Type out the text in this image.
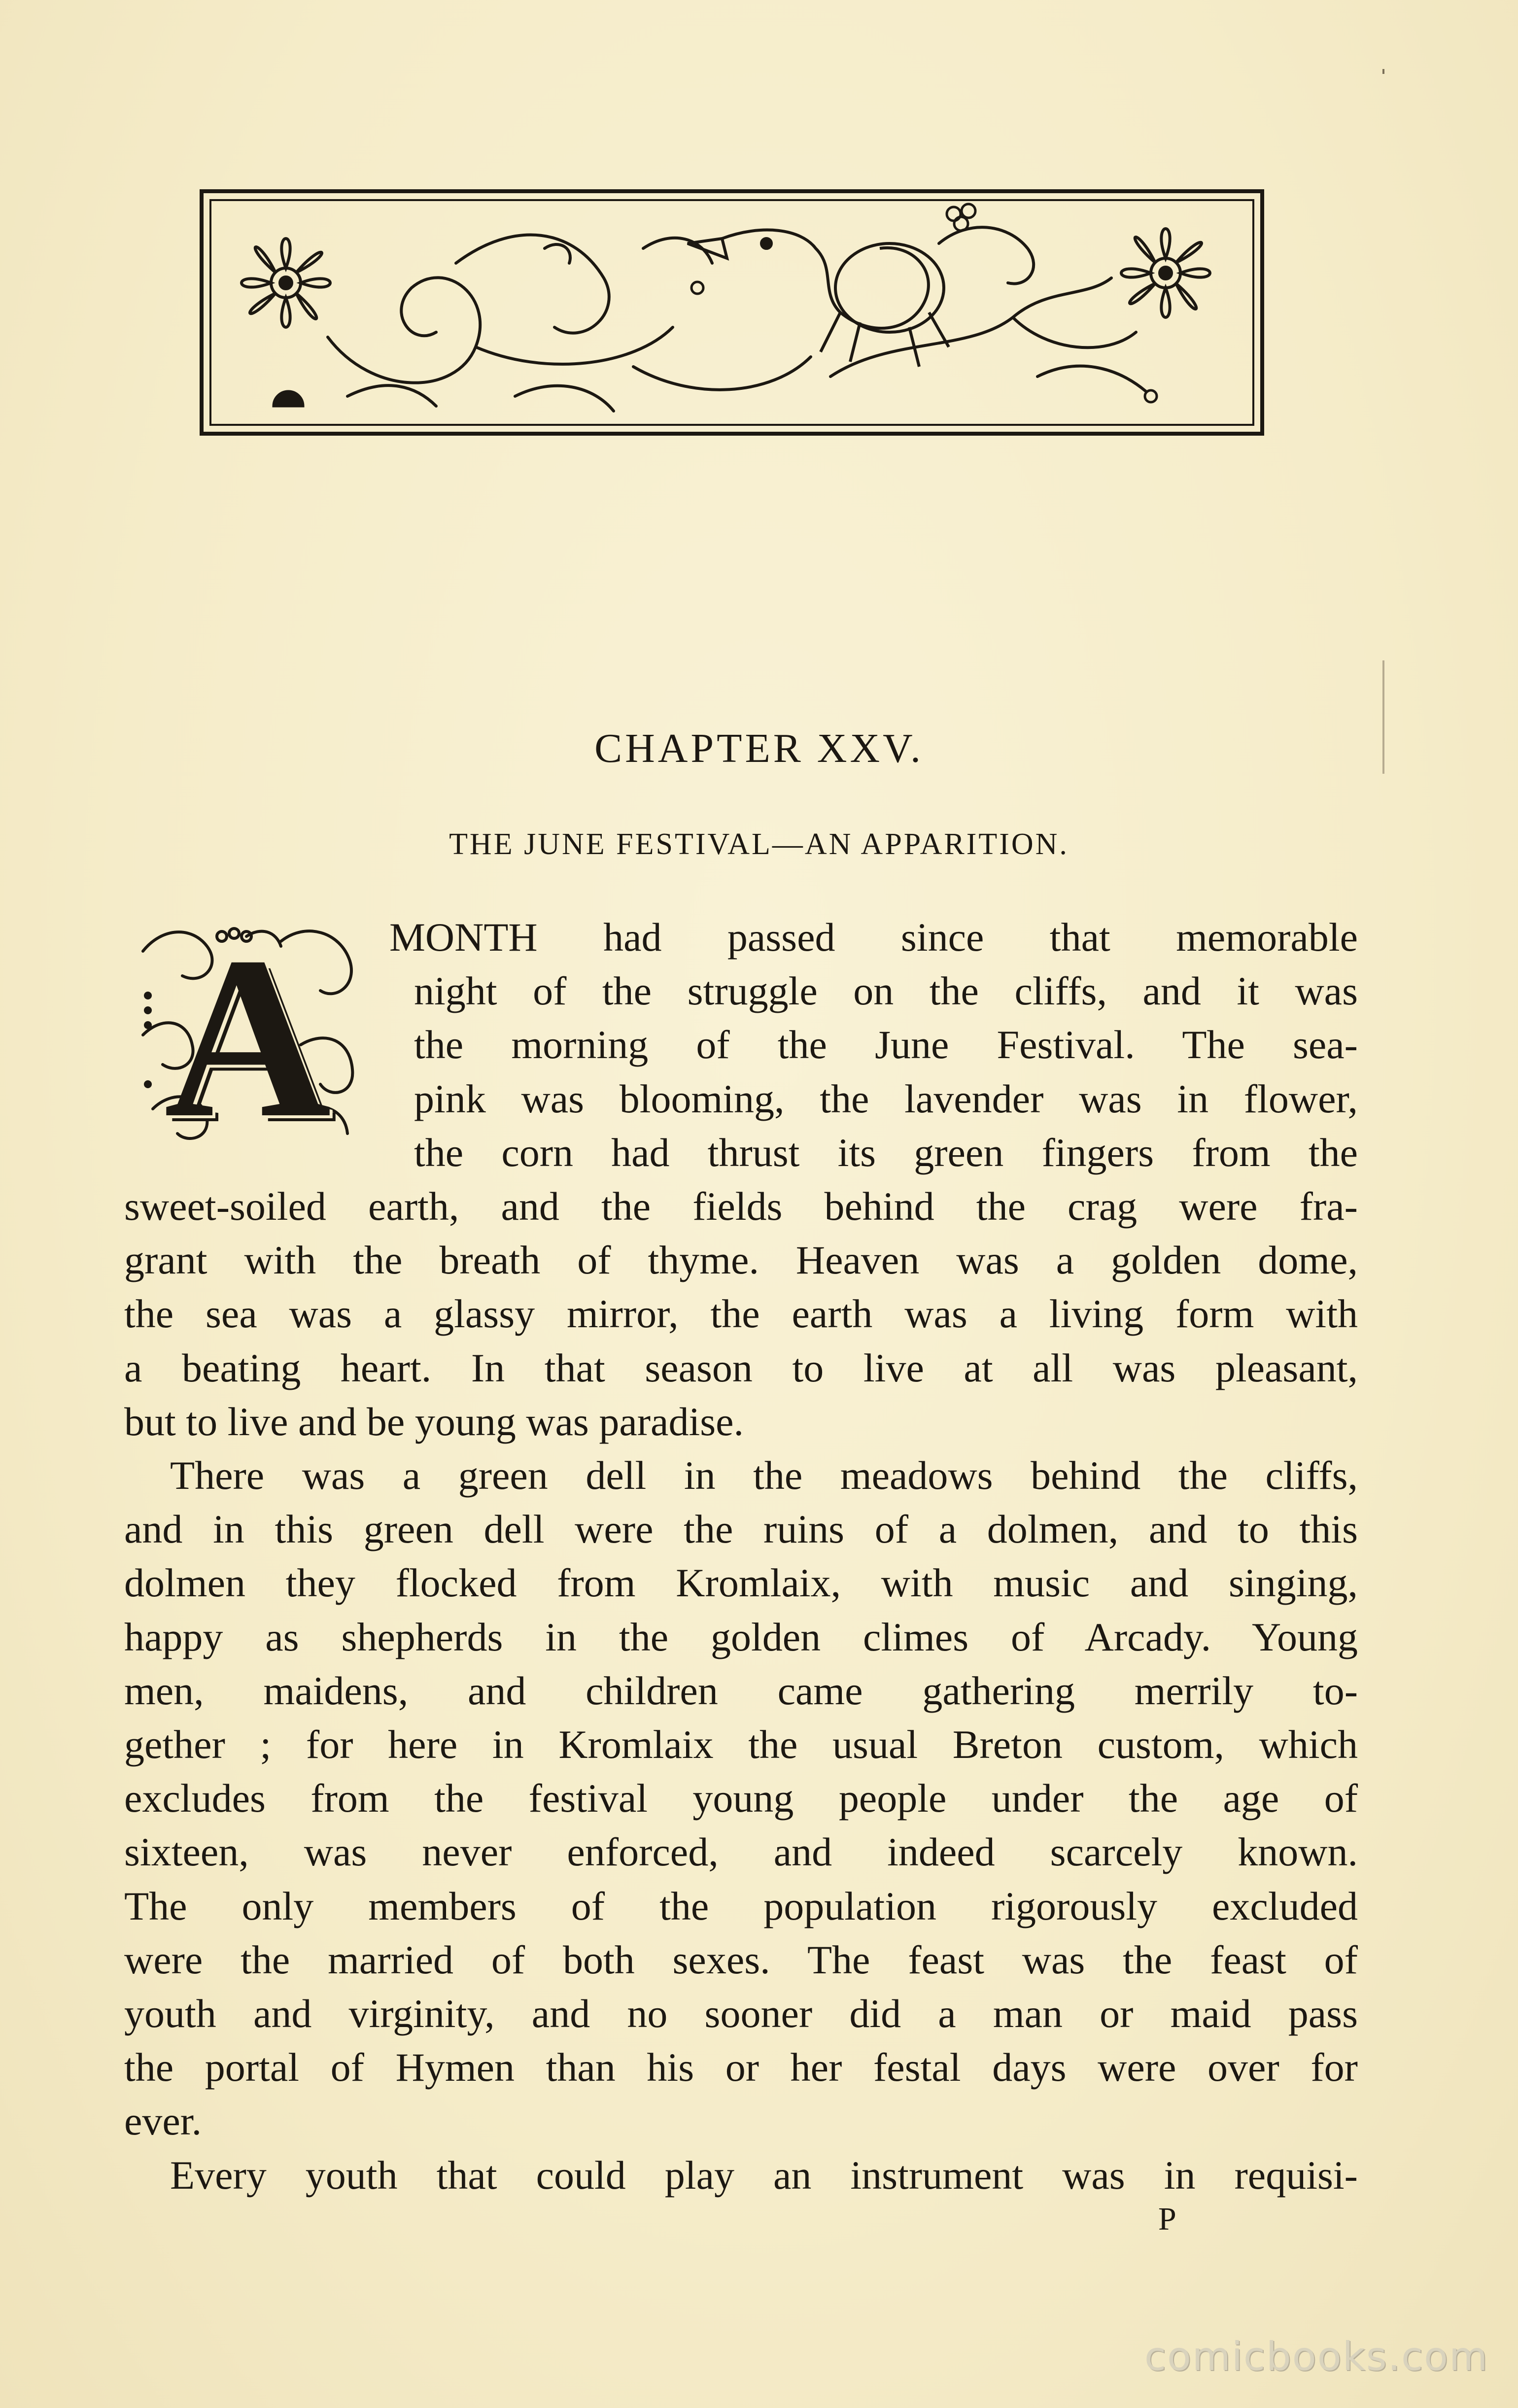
CHAPTER XXV.
THE JUNE FESTIVAL—AN APPARITION.
A	MONTH had passed since that memorable
night of the struggle on the cliffs, and it was
the morning of the June Festival. The sea-
pink was blooming, the lavender was in flower,
the corn had thrust its green fingers from the
sweet-soiled earth, and the fields behind the crag were fra-
grant with the breath of thyme. Heaven was a golden dome,
the sea was a glassy mirror, the earth was a living form with
a beating heart. In that season to live at all was pleasant,
but to live and be young was paradise.
There was a green dell in the meadows behind the cliffs,
and in this green dell were the ruins of a dolmen, and to this
dolmen they flocked from Kromlaix, with music and singing,
happy as shepherds in the golden climes of Arcady. Young
men, maidens, and children came gathering merrily to-
gether ; for here in Kromlaix the usual Breton custom, which
excludes from the festival young people under the age of
sixteen, was never enforced, and indeed scarcely known.
The only members of the population rigorously excluded
were the married of both sexes. The feast was the feast of
youth and virginity, and no sooner did a man or maid pass
the portal of Hymen than his or her festal days were over for
ever.
Every youth that could play an instrument was in requisi-
P
comicbooks.com
